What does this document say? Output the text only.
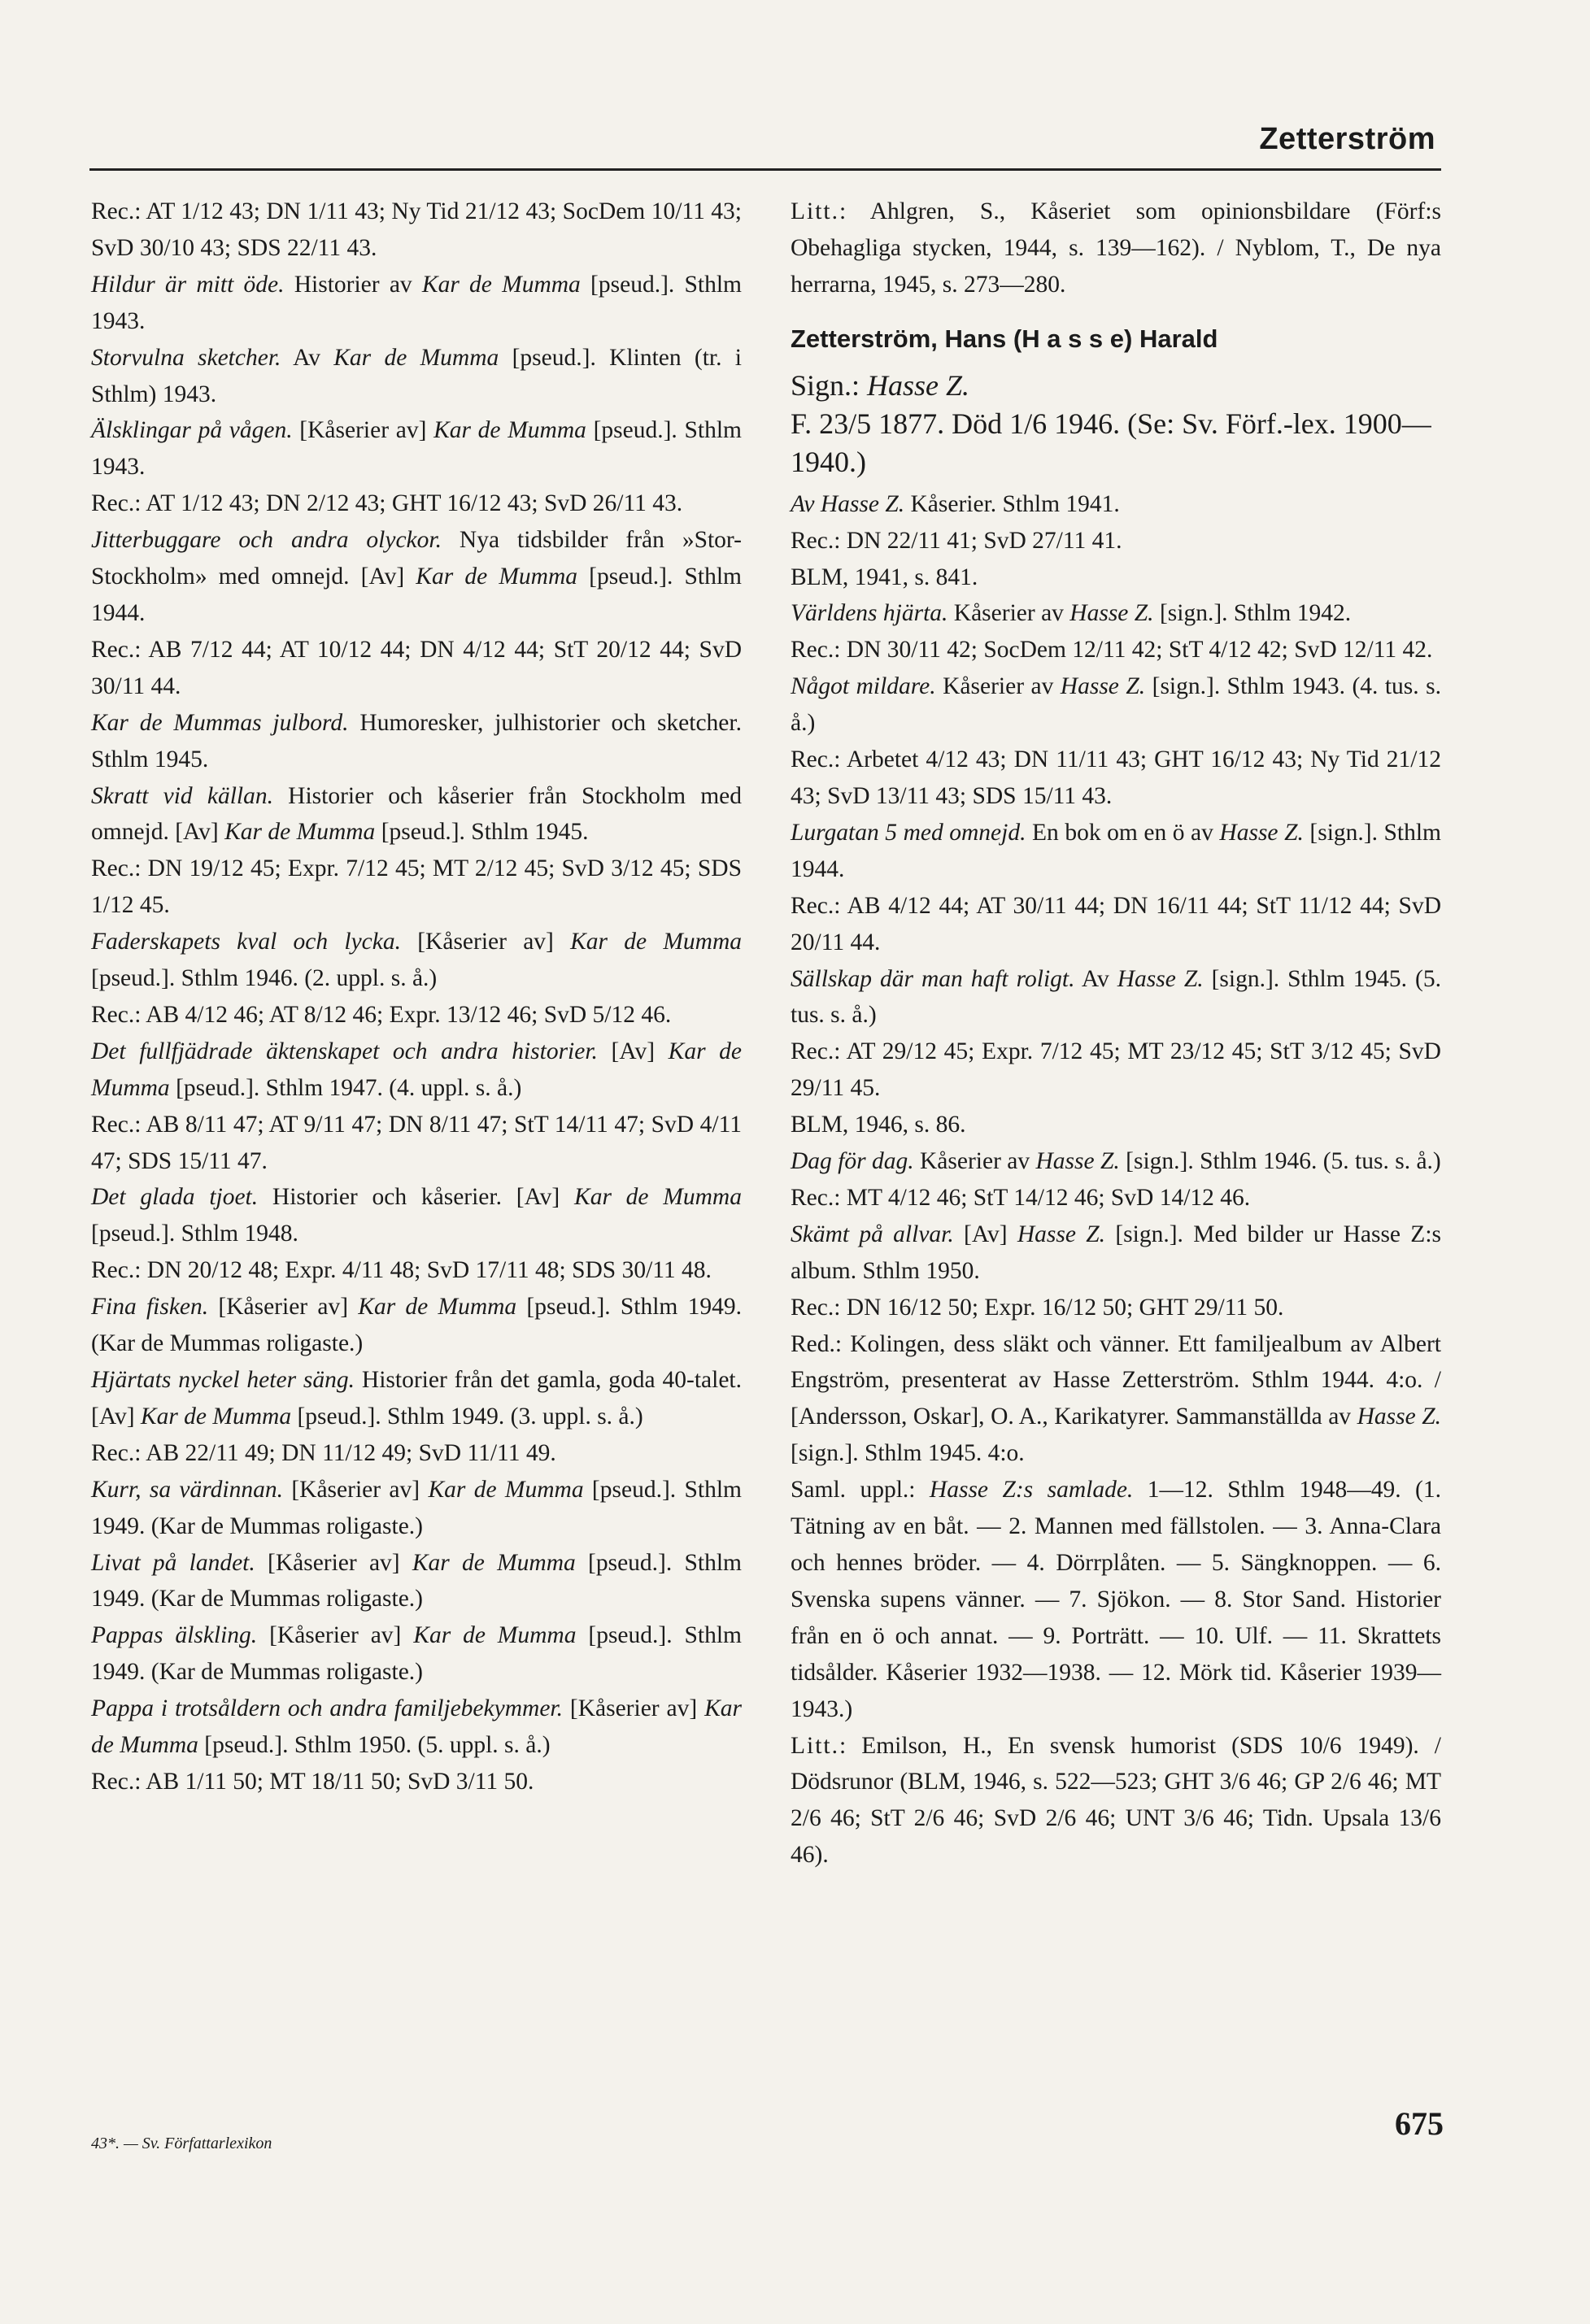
Zetterström

Rec.: AT 1/12 43; DN 1/11 43; Ny Tid 21/12 43; SocDem 10/11 43; SvD 30/10 43; SDS 22/11 43.

Hildur är mitt öde. Historier av Kar de Mumma [pseud.]. Sthlm 1943.

Storvulna sketcher. Av Kar de Mumma [pseud.]. Klinten (tr. i Sthlm) 1943.

Älsklingar på vågen. [Kåserier av] Kar de Mumma [pseud.]. Sthlm 1943.

Rec.: AT 1/12 43; DN 2/12 43; GHT 16/12 43; SvD 26/11 43.

Jitterbuggare och andra olyckor. Nya tidsbilder från »Stor-Stockholm» med omnejd. [Av] Kar de Mumma [pseud.]. Sthlm 1944.

Rec.: AB 7/12 44; AT 10/12 44; DN 4/12 44; StT 20/12 44; SvD 30/11 44.

Kar de Mummas julbord. Humoresker, julhistorier och sketcher. Sthlm 1945.

Skratt vid källan. Historier och kåserier från Stockholm med omnejd. [Av] Kar de Mumma [pseud.]. Sthlm 1945.

Rec.: DN 19/12 45; Expr. 7/12 45; MT 2/12 45; SvD 3/12 45; SDS 1/12 45.

Faderskapets kval och lycka. [Kåserier av] Kar de Mumma [pseud.]. Sthlm 1946. (2. uppl. s. å.)

Rec.: AB 4/12 46; AT 8/12 46; Expr. 13/12 46; SvD 5/12 46.

Det fullfjädrade äktenskapet och andra historier. [Av] Kar de Mumma [pseud.]. Sthlm 1947. (4. uppl. s. å.)

Rec.: AB 8/11 47; AT 9/11 47; DN 8/11 47; StT 14/11 47; SvD 4/11 47; SDS 15/11 47.

Det glada tjoet. Historier och kåserier. [Av] Kar de Mumma [pseud.]. Sthlm 1948.

Rec.: DN 20/12 48; Expr. 4/11 48; SvD 17/11 48; SDS 30/11 48.

Fina fisken. [Kåserier av] Kar de Mumma [pseud.]. Sthlm 1949. (Kar de Mummas roligaste.)

Hjärtats nyckel heter säng. Historier från det gamla, goda 40-talet. [Av] Kar de Mumma [pseud.]. Sthlm 1949. (3. uppl. s. å.)

Rec.: AB 22/11 49; DN 11/12 49; SvD 11/11 49.

Kurr, sa värdinnan. [Kåserier av] Kar de Mumma [pseud.]. Sthlm 1949. (Kar de Mummas roligaste.)

Livat på landet. [Kåserier av] Kar de Mumma [pseud.]. Sthlm 1949. (Kar de Mummas roligaste.)

Pappas älskling. [Kåserier av] Kar de Mumma [pseud.]. Sthlm 1949. (Kar de Mummas roligaste.)

Pappa i trotsåldern och andra familjebekymmer. [Kåserier av] Kar de Mumma [pseud.]. Sthlm 1950. (5. uppl. s. å.)

Rec.: AB 1/11 50; MT 18/11 50; SvD 3/11 50.

Litt.: Ahlgren, S., Kåseriet som opinionsbildare (Förf:s Obehagliga stycken, 1944, s. 139—162). / Nyblom, T., De nya herrarna, 1945, s. 273—280.

Zetterström, Hans (H a s s e) Harald

Sign.: Hasse Z.

F. 23/5 1877. Död 1/6 1946. (Se: Sv. Förf.-lex. 1900—1940.)

Av Hasse Z. Kåserier. Sthlm 1941.

Rec.: DN 22/11 41; SvD 27/11 41.

BLM, 1941, s. 841.

Världens hjärta. Kåserier av Hasse Z. [sign.]. Sthlm 1942.

Rec.: DN 30/11 42; SocDem 12/11 42; StT 4/12 42; SvD 12/11 42.

Något mildare. Kåserier av Hasse Z. [sign.]. Sthlm 1943. (4. tus. s. å.)

Rec.: Arbetet 4/12 43; DN 11/11 43; GHT 16/12 43; Ny Tid 21/12 43; SvD 13/11 43; SDS 15/11 43.

Lurgatan 5 med omnejd. En bok om en ö av Hasse Z. [sign.]. Sthlm 1944.

Rec.: AB 4/12 44; AT 30/11 44; DN 16/11 44; StT 11/12 44; SvD 20/11 44.

Sällskap där man haft roligt. Av Hasse Z. [sign.]. Sthlm 1945. (5. tus. s. å.)

Rec.: AT 29/12 45; Expr. 7/12 45; MT 23/12 45; StT 3/12 45; SvD 29/11 45.

BLM, 1946, s. 86.

Dag för dag. Kåserier av Hasse Z. [sign.]. Sthlm 1946. (5. tus. s. å.)

Rec.: MT 4/12 46; StT 14/12 46; SvD 14/12 46.

Skämt på allvar. [Av] Hasse Z. [sign.]. Med bilder ur Hasse Z:s album. Sthlm 1950.

Rec.: DN 16/12 50; Expr. 16/12 50; GHT 29/11 50.

Red.: Kolingen, dess släkt och vänner. Ett familjealbum av Albert Engström, presenterat av Hasse Zetterström. Sthlm 1944. 4:o. / [Andersson, Oskar], O. A., Karikatyrer. Sammanställda av Hasse Z. [sign.]. Sthlm 1945. 4:o.

Saml. uppl.: Hasse Z:s samlade. 1—12. Sthlm 1948—49. (1. Tätning av en båt. — 2. Mannen med fällstolen. — 3. Anna-Clara och hennes bröder. — 4. Dörrplåten. — 5. Sängknoppen. — 6. Svenska supens vänner. — 7. Sjökon. — 8. Stor Sand. Historier från en ö och annat. — 9. Porträtt. — 10. Ulf. — 11. Skrattets tidsålder. Kåserier 1932—1938. — 12. Mörk tid. Kåserier 1939—1943.)

Litt.: Emilson, H., En svensk humorist (SDS 10/6 1949). / Dödsrunor (BLM, 1946, s. 522—523; GHT 3/6 46; GP 2/6 46; MT 2/6 46; StT 2/6 46; SvD 2/6 46; UNT 3/6 46; Tidn. Upsala 13/6 46).

43*. — Sv. Författarlexikon
675
